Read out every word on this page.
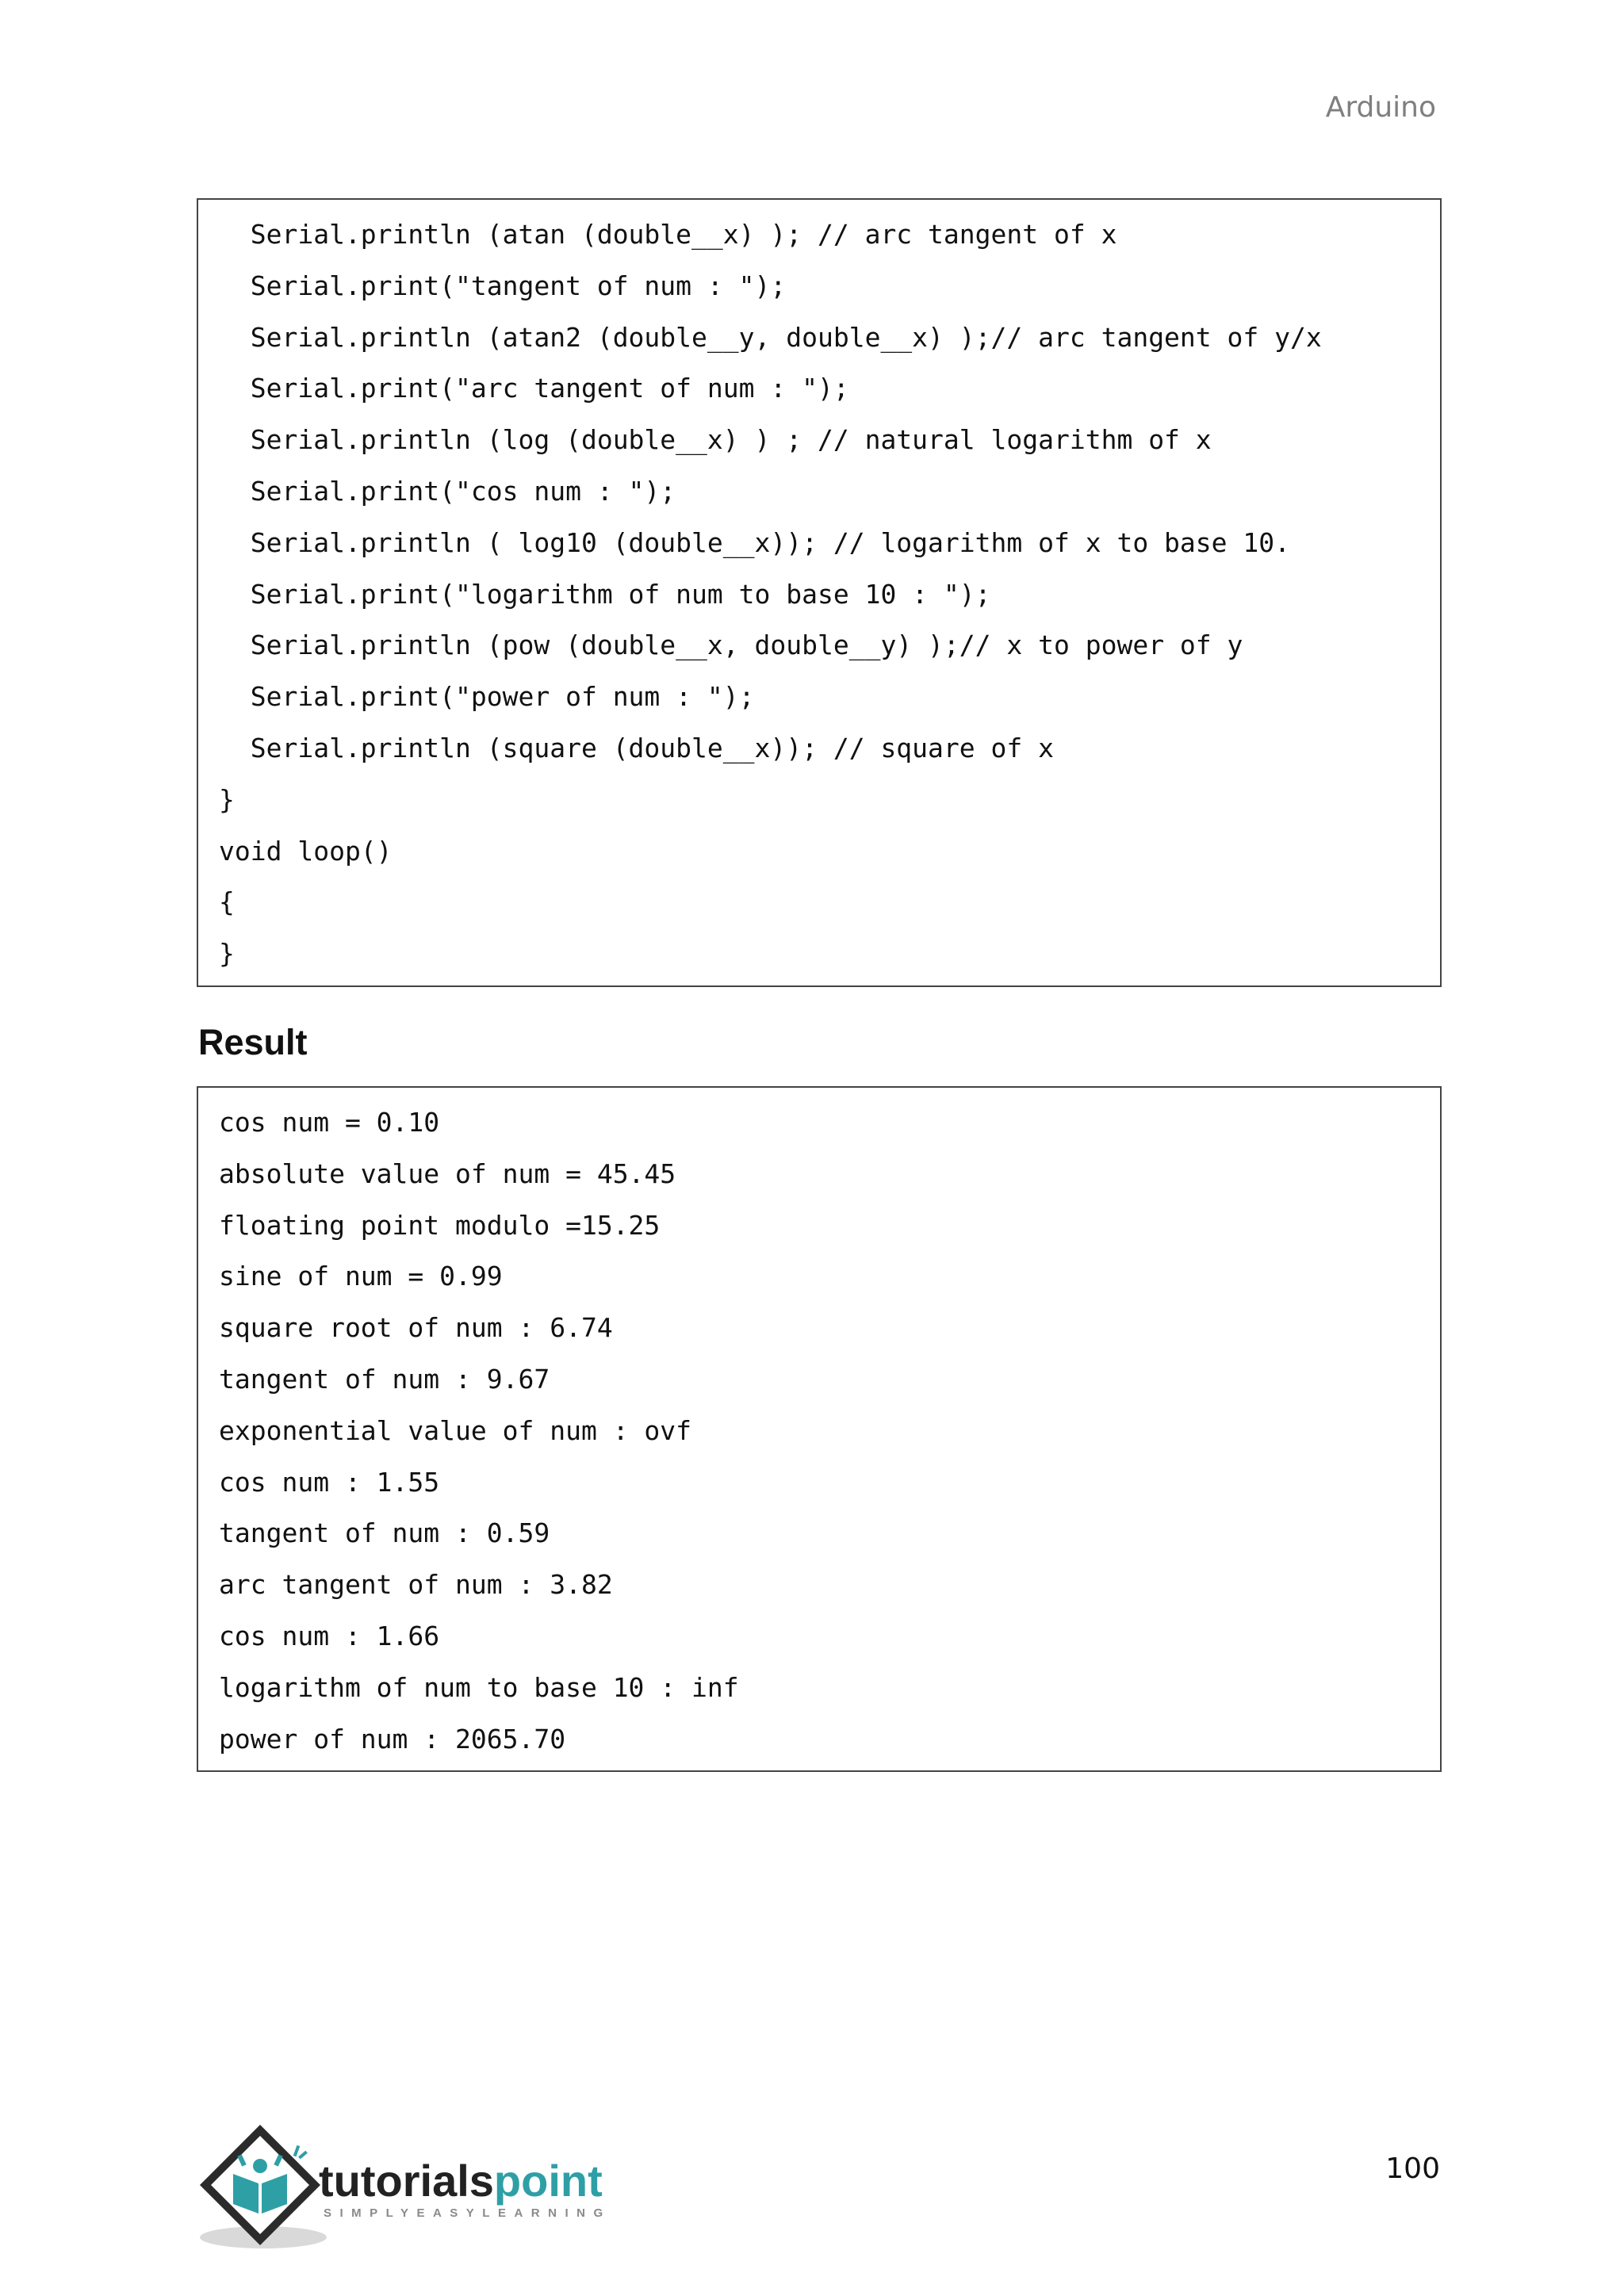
Arduino
Serial.println (atan (double__x) ); // arc tangent of x
Serial.print("tangent of num : ");
Serial.println (atan2 (double__y, double__x) );// arc tangent of y/x
Serial.print("arc tangent of num : ");
Serial.println (log (double__x) ) ; // natural logarithm of x
Serial.print("cos num : ");
Serial.println ( log10 (double__x)); // logarithm of x to base 10.
Serial.print("logarithm of num to base 10 : ");
Serial.println (pow (double__x, double__y) );// x to power of y
Serial.print("power of num : ");
Serial.println (square (double__x)); // square of x
}
void loop()
{
}
Result
cos num = 0.10
absolute value of num = 45.45
floating point modulo =15.25
sine of num = 0.99
square root of num : 6.74
tangent of num : 9.67
exponential value of num : ovf
cos num : 1.55
tangent of num : 0.59
arc tangent of num : 3.82
cos num : 1.66
logarithm of num to base 10 : inf
power of num : 2065.70
tutorialspoint
SIMPLYEASYLEARNING
100
